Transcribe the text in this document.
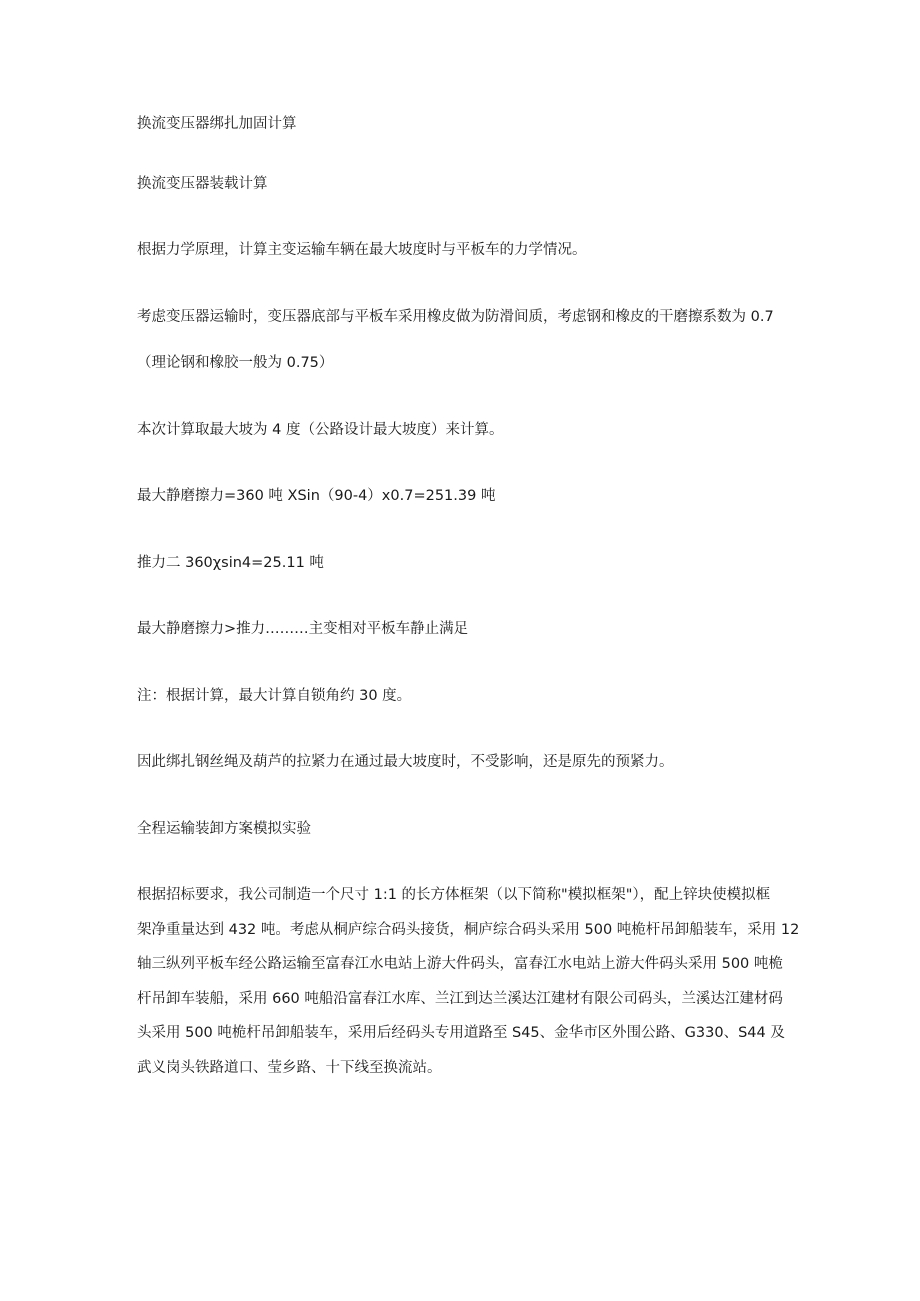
换流变压器绑扎加固计算

换流变压器装载计算

根据力学原理，计算主变运输车辆在最大坡度时与平板车的力学情况。

考虑变压器运输时，变压器底部与平板车采用橡皮做为防滑间质，考虑钢和橡皮的干磨擦系数为 0.7

（理论钢和橡胶一般为 0.75）

本次计算取最大坡为 4 度（公路设计最大坡度）来计算。

最大静磨擦力=360 吨 XSin（90-4）x0.7=251.39 吨

推力二 360χsin4=25.11 吨

最大静磨擦力>推力………主变相对平板车静止满足

注：根据计算，最大计算自锁角约 30 度。

因此绑扎钢丝绳及葫芦的拉紧力在通过最大坡度时，不受影响，还是原先的预紧力。

全程运输装卸方案模拟实验

根据招标要求，我公司制造一个尺寸 1:1 的长方体框架（以下简称"模拟框架"），配上锌块使模拟框
架净重量达到 432 吨。考虑从桐庐综合码头接货，桐庐综合码头采用 500 吨桅杆吊卸船装车，采用 12
轴三纵列平板车经公路运输至富春江水电站上游大件码头，富春江水电站上游大件码头采用 500 吨桅
杆吊卸车装船，采用 660 吨船沿富春江水库、兰江到达兰溪达江建材有限公司码头，兰溪达江建材码
头采用 500 吨桅杆吊卸船装车，采用后经码头专用道路至 S45、金华市区外围公路、G330、S44 及
武义岗头铁路道口、莹乡路、十下线至换流站。
